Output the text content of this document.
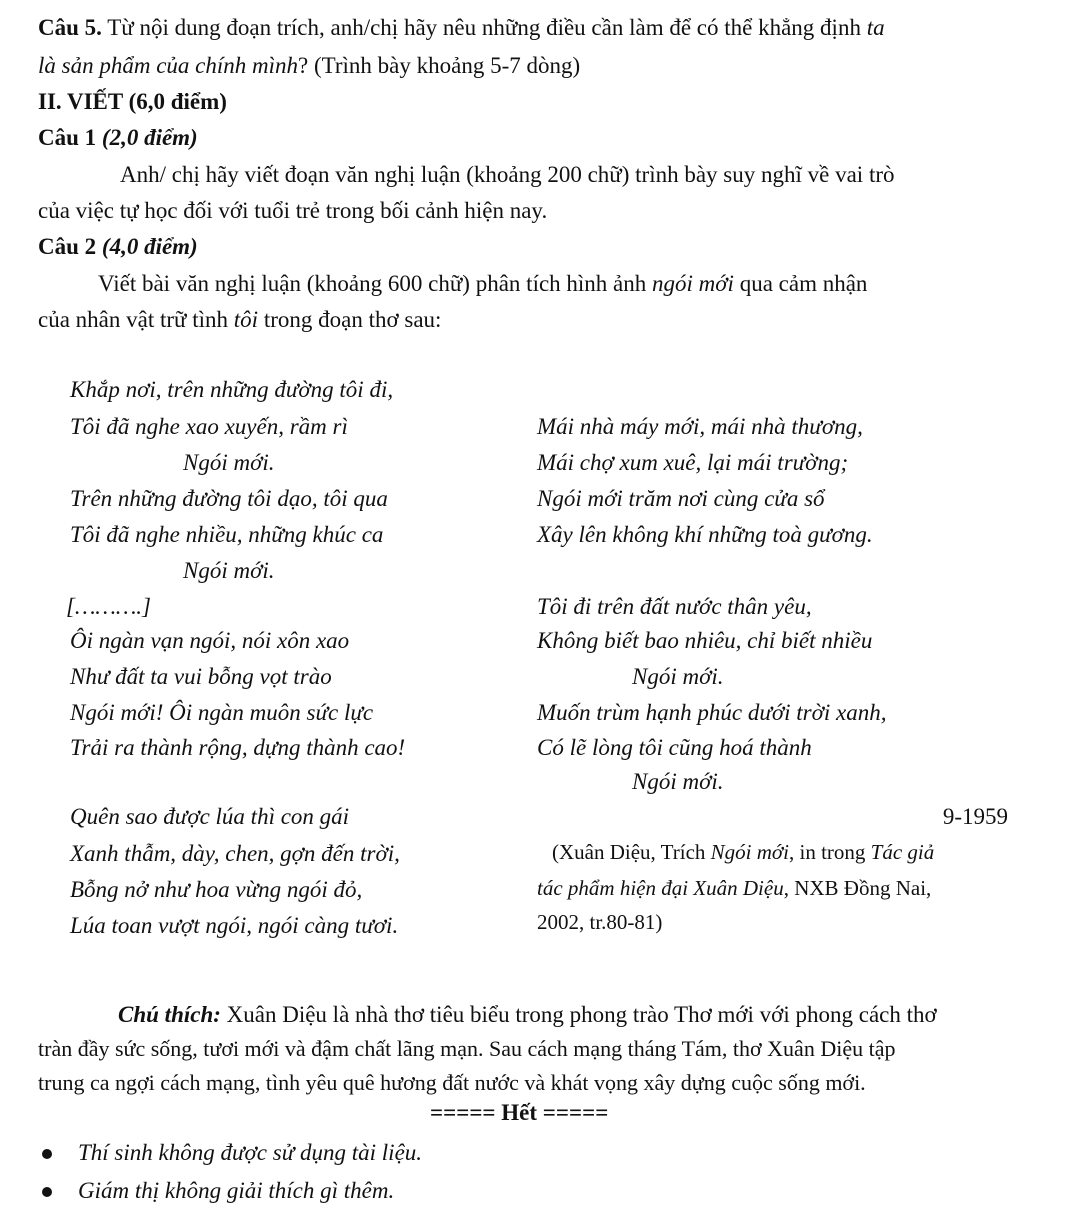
Câu 5. Từ nội dung đoạn trích, anh/chị hãy nêu những điều cần làm để có thể khẳng định ta
là sản phẩm của chính mình? (Trình bày khoảng 5-7 dòng)
II. VIẾT (6,0 điểm)
Câu 1 (2,0 điểm)
Anh/ chị hãy viết đoạn văn nghị luận (khoảng 200 chữ) trình bày suy nghĩ về vai trò
của việc tự học đối với tuổi trẻ trong bối cảnh hiện nay.
Câu 2 (4,0 điểm)
Viết bài văn nghị luận (khoảng 600 chữ) phân tích hình ảnh ngói mới qua cảm nhận
của nhân vật trữ tình tôi trong đoạn thơ sau:
Khắp nơi, trên những đường tôi đi,
Tôi đã nghe xao xuyến, rầm rì
Ngói mới.
Trên những đường tôi dạo, tôi qua
Tôi đã nghe nhiều, những khúc ca
Ngói mới.
[……….]
Ôi ngàn vạn ngói, nói xôn xao
Như đất ta vui bỗng vọt trào
Ngói mới! Ôi ngàn muôn sức lực
Trải ra thành rộng, dựng thành cao!
Quên sao được lúa thì con gái
Xanh thẫm, dày, chen, gợn đến trời,
Bỗng nở như hoa vừng ngói đỏ,
Lúa toan vượt ngói, ngói càng tươi.
Mái nhà máy mới, mái nhà thương,
Mái chợ xum xuê, lại mái trường;
Ngói mới trăm nơi cùng cửa sổ
Xây lên không khí những toà gương.
Tôi đi trên đất nước thân yêu,
Không biết bao nhiêu, chỉ biết nhiều
Ngói mới.
Muốn trùm hạnh phúc dưới trời xanh,
Có lẽ lòng tôi cũng hoá thành
Ngói mới.
9-1959
(Xuân Diệu, Trích Ngói mới, in trong Tác giả
tác phẩm hiện đại Xuân Diệu, NXB Đồng Nai,
2002, tr.80-81)
Chú thích: Xuân Diệu là nhà thơ tiêu biểu trong phong trào Thơ mới với phong cách thơ
tràn đầy sức sống, tươi mới và đậm chất lãng mạn. Sau cách mạng tháng Tám, thơ Xuân Diệu tập
trung ca ngợi cách mạng, tình yêu quê hương đất nước và khát vọng xây dựng cuộc sống mới.
===== Hết =====
Thí sinh không được sử dụng tài liệu.
Giám thị không giải thích gì thêm.
